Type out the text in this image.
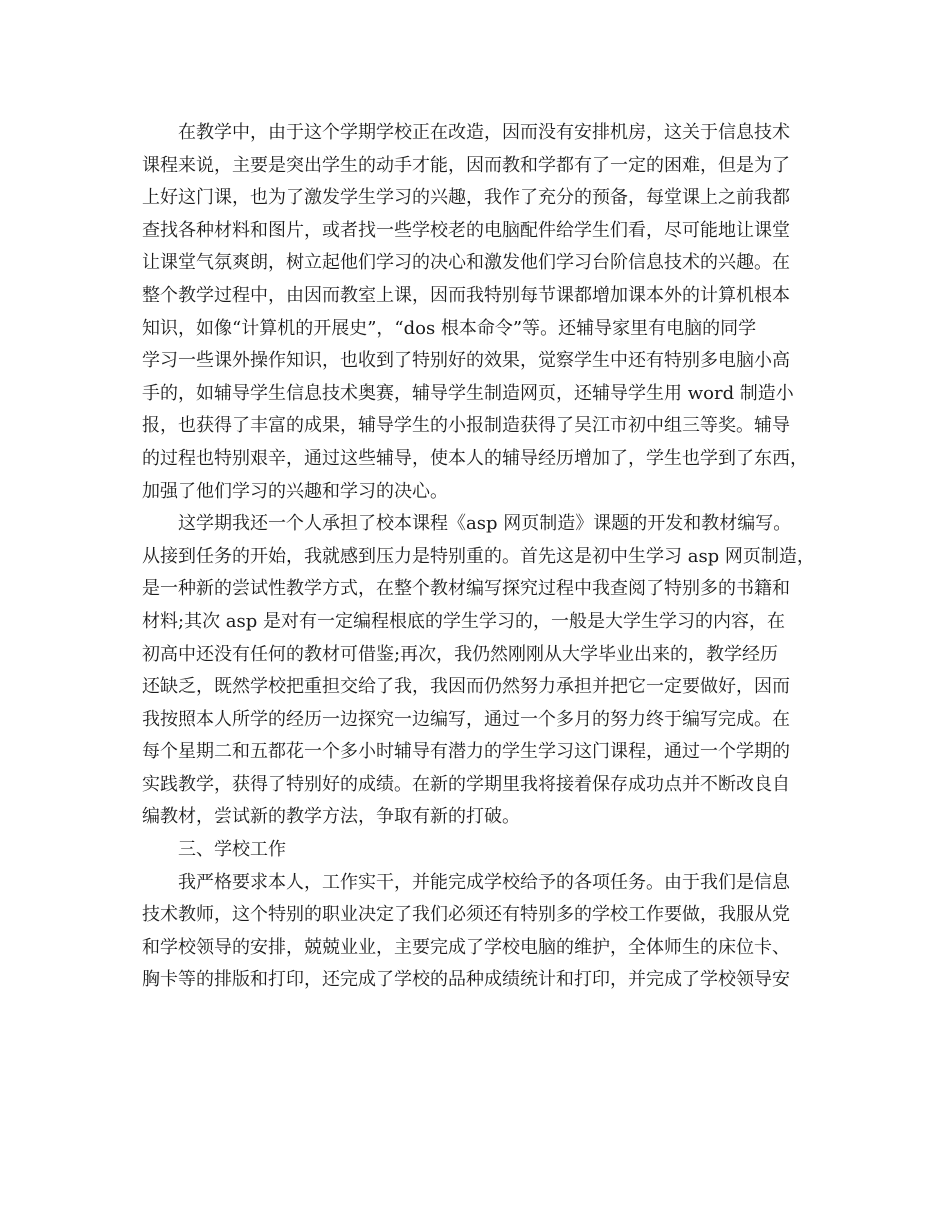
在教学中，由于这个学期学校正在改造，因而没有安排机房，这关于信息技术
课程来说，主要是突出学生的动手才能，因而教和学都有了一定的困难，但是为了
上好这门课，也为了激发学生学习的兴趣，我作了充分的预备，每堂课上之前我都
查找各种材料和图片，或者找一些学校老的电脑配件给学生们看，尽可能地让课堂
让课堂气氛爽朗，树立起他们学习的决心和激发他们学习台阶信息技术的兴趣。在
整个教学过程中，由因而教室上课，因而我特别每节课都增加课本外的计算机根本
知识，如像“计算机的开展史”，“dos 根本命令”等。还辅导家里有电脑的同学
学习一些课外操作知识，也收到了特别好的效果，觉察学生中还有特别多电脑小高
手的，如辅导学生信息技术奥赛，辅导学生制造网页，还辅导学生用 word 制造小
报，也获得了丰富的成果，辅导学生的小报制造获得了吴江市初中组三等奖。辅导
的过程也特别艰辛，通过这些辅导，使本人的辅导经历增加了，学生也学到了东西，
加强了他们学习的兴趣和学习的决心。
这学期我还一个人承担了校本课程《asp 网页制造》课题的开发和教材编写。
从接到任务的开始，我就感到压力是特别重的。首先这是初中生学习 asp 网页制造，
是一种新的尝试性教学方式，在整个教材编写探究过程中我查阅了特别多的书籍和
材料;其次 asp 是对有一定编程根底的学生学习的，一般是大学生学习的内容，在
初高中还没有任何的教材可借鉴;再次，我仍然刚刚从大学毕业出来的，教学经历
还缺乏，既然学校把重担交给了我，我因而仍然努力承担并把它一定要做好，因而
我按照本人所学的经历一边探究一边编写，通过一个多月的努力终于编写完成。在
每个星期二和五都花一个多小时辅导有潜力的学生学习这门课程，通过一个学期的
实践教学，获得了特别好的成绩。在新的学期里我将接着保存成功点并不断改良自
编教材，尝试新的教学方法，争取有新的打破。
三、学校工作
我严格要求本人，工作实干，并能完成学校给予的各项任务。由于我们是信息
技术教师，这个特别的职业决定了我们必须还有特别多的学校工作要做，我服从党
和学校领导的安排，兢兢业业，主要完成了学校电脑的维护，全体师生的床位卡、
胸卡等的排版和打印，还完成了学校的品种成绩统计和打印，并完成了学校领导安
